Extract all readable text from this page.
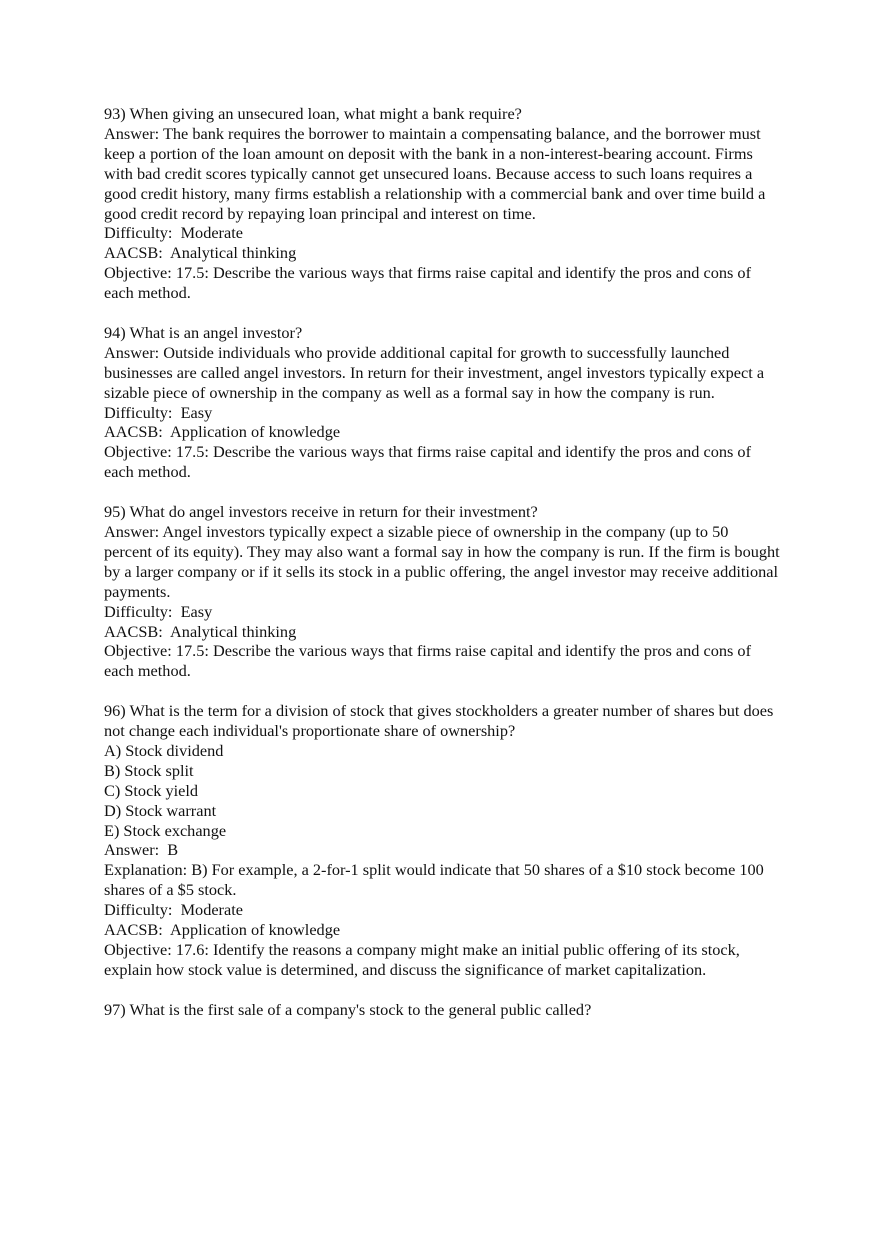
93) When giving an unsecured loan, what might a bank require?

Answer: The bank requires the borrower to maintain a compensating balance, and the borrower must keep a portion of the loan amount on deposit with the bank in a non-interest-bearing account. Firms with bad credit scores typically cannot get unsecured loans. Because access to such loans requires a good credit history, many firms establish a relationship with a commercial bank and over time build a good credit record by repaying loan principal and interest on time.

Difficulty:  Moderate

AACSB:  Analytical thinking

Objective: 17.5: Describe the various ways that firms raise capital and identify the pros and cons of each method.

94) What is an angel investor?

Answer: Outside individuals who provide additional capital for growth to successfully launched businesses are called angel investors. In return for their investment, angel investors typically expect a sizable piece of ownership in the company as well as a formal say in how the company is run.

Difficulty:  Easy

AACSB:  Application of knowledge

Objective: 17.5: Describe the various ways that firms raise capital and identify the pros and cons of each method.

95) What do angel investors receive in return for their investment?

Answer: Angel investors typically expect a sizable piece of ownership in the company (up to 50 percent of its equity). They may also want a formal say in how the company is run. If the firm is bought by a larger company or if it sells its stock in a public offering, the angel investor may receive additional payments.

Difficulty:  Easy

AACSB:  Analytical thinking

Objective: 17.5: Describe the various ways that firms raise capital and identify the pros and cons of each method.

96) What is the term for a division of stock that gives stockholders a greater number of shares but does not change each individual's proportionate share of ownership?

A) Stock dividend

B) Stock split

C) Stock yield

D) Stock warrant

E) Stock exchange

Answer:  B

Explanation: B) For example, a 2-for-1 split would indicate that 50 shares of a $10 stock become 100 shares of a $5 stock.

Difficulty:  Moderate

AACSB:  Application of knowledge

Objective: 17.6: Identify the reasons a company might make an initial public offering of its stock, explain how stock value is determined, and discuss the significance of market capitalization.

97) What is the first sale of a company's stock to the general public called?
